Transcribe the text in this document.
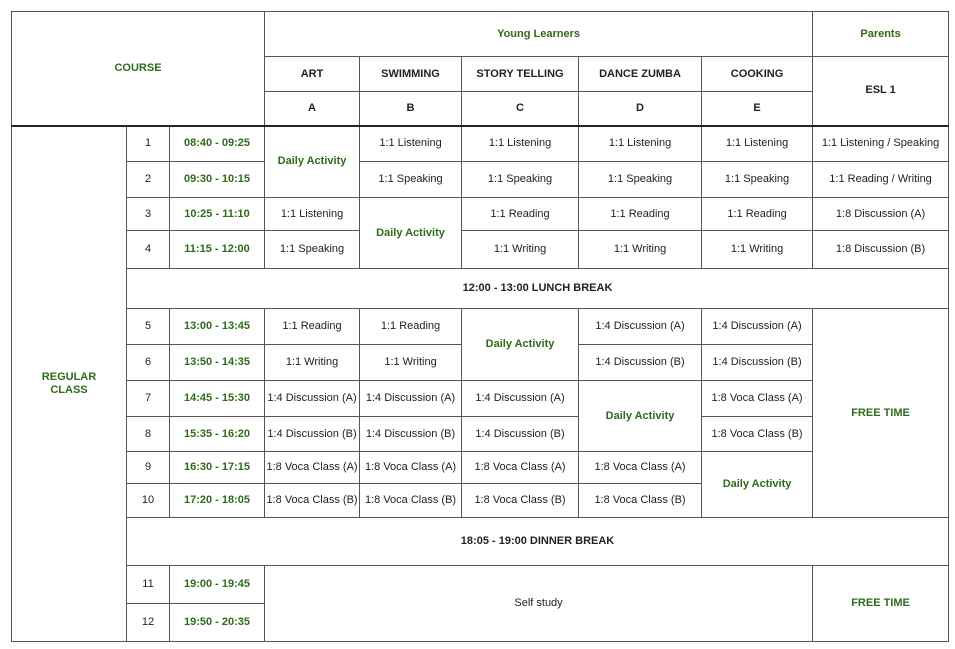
COURSE			Young Learners					Parents
			ART	SWIMMING	STORY TELLING	DANCE ZUMBA	COOKING	ESL 1
			A	B	C	D	E	

REGULAR
CLASS	1	08:40 - 09:25	Daily Activity	1:1 Listening	1:1 Listening	1:1 Listening	1:1 Listening	1:1 Listening / Speaking
	2	09:30 - 10:15		1:1 Speaking	1:1 Speaking	1:1 Speaking	1:1 Speaking	1:1 Reading / Writing
	3	10:25 - 11:10	1:1 Listening	Daily Activity	1:1 Reading	1:1 Reading	1:1 Reading	1:8 Discussion (A)
	4	11:15 - 12:00	1:1 Speaking		1:1 Writing	1:1 Writing	1:1 Writing	1:8 Discussion (B)
	12:00 - 13:00 LUNCH BREAK							
	5	13:00 - 13:45	1:1 Reading	1:1 Reading	Daily Activity	1:4 Discussion (A)	1:4 Discussion (A)	FREE TIME
	6	13:50 - 14:35	1:1 Writing	1:1 Writing		1:4 Discussion (B)	1:4 Discussion (B)	
	7	14:45 - 15:30	1:4 Discussion (A)	1:4 Discussion (A)	1:4 Discussion (A)	Daily Activity	1:8 Voca Class (A)	
	8	15:35 - 16:20	1:4 Discussion (B)	1:4 Discussion (B)	1:4 Discussion (B)		1:8 Voca Class (B)	
	9	16:30 - 17:15	1:8 Voca Class (A)	1:8 Voca Class (A)	1:8 Voca Class (A)	1:8 Voca Class (A)	Daily Activity	
	10	17:20 - 18:05	1:8 Voca Class (B)	1:8 Voca Class (B)	1:8 Voca Class (B)	1:8 Voca Class (B)		
	18:05 - 19:00 DINNER BREAK							
	11	19:00 - 19:45	Self study					FREE TIME
	12	19:50 - 20:35						
